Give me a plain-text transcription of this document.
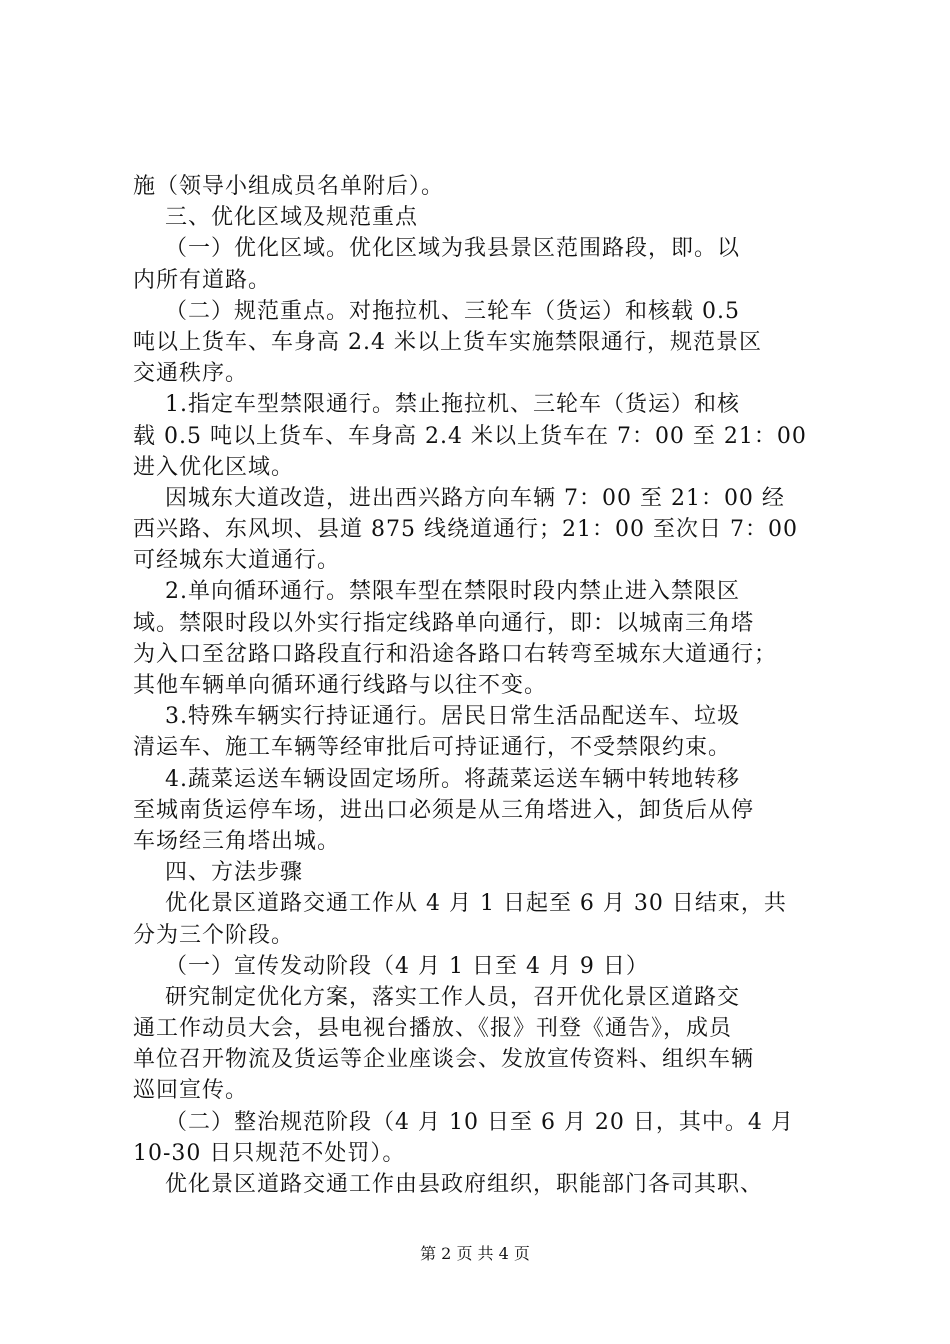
施（领导小组成员名单附后）。
三、优化区域及规范重点
（一）优化区域。优化区域为我县景区范围路段，即。以
内所有道路。
（二）规范重点。对拖拉机、三轮车（货运）和核载 0.5
吨以上货车、车身高 2.4 米以上货车实施禁限通行，规范景区
交通秩序。
1.指定车型禁限通行。禁止拖拉机、三轮车（货运）和核
载 0.5 吨以上货车、车身高 2.4 米以上货车在 7：00 至 21：00
进入优化区域。
因城东大道改造，进出西兴路方向车辆 7：00 至 21：00 经
西兴路、东风坝、县道 875 线绕道通行；21：00 至次日 7：00
可经城东大道通行。
2.单向循环通行。禁限车型在禁限时段内禁止进入禁限区
域。禁限时段以外实行指定线路单向通行，即：以城南三角塔
为入口至岔路口路段直行和沿途各路口右转弯至城东大道通行；
其他车辆单向循环通行线路与以往不变。
3.特殊车辆实行持证通行。居民日常生活品配送车、垃圾
清运车、施工车辆等经审批后可持证通行，不受禁限约束。
4.蔬菜运送车辆设固定场所。将蔬菜运送车辆中转地转移
至城南货运停车场，进出口必须是从三角塔进入，卸货后从停
车场经三角塔出城。
四、方法步骤
优化景区道路交通工作从 4 月 1 日起至 6 月 30 日结束，共
分为三个阶段。
（一）宣传发动阶段（4 月 1 日至 4 月 9 日）
研究制定优化方案，落实工作人员，召开优化景区道路交
通工作动员大会，县电视台播放、《报》刊登《通告》，成员
单位召开物流及货运等企业座谈会、发放宣传资料、组织车辆
巡回宣传。
（二）整治规范阶段（4 月 10 日至 6 月 20 日，其中。4 月
10-30 日只规范不处罚）。
优化景区道路交通工作由县政府组织，职能部门各司其职、
第 2 页 共 4 页
